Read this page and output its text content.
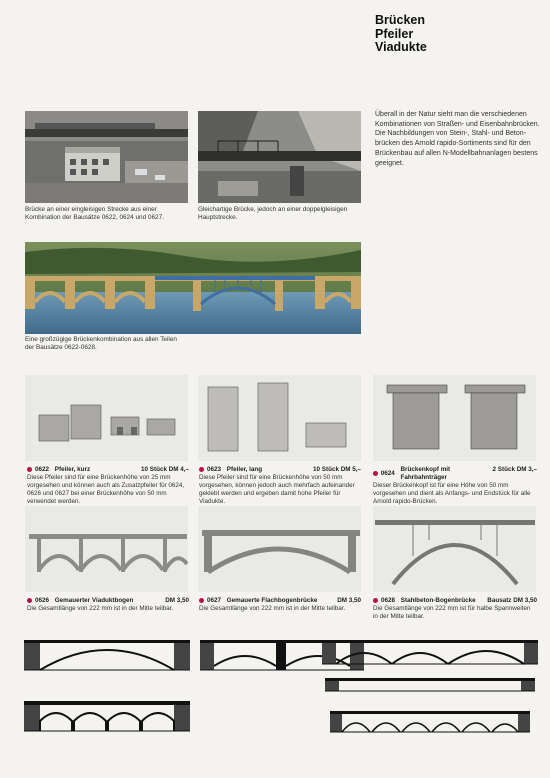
Brücken
Pfeiler
Viadukte
Überall in der Natur sieht man die verschiedenen Kombinationen von Straßen- und Eisenbahnbrücken. Die Nachbildungen von Stein-, Stahl- und Betonbrücken des Arnold rapido-Sortiments sind für den Brückenbau auf allen N-Modellbahnanlagen bestens geeignet.
Brücke an einer eingleisigen Strecke aus einer Kombination der Bausätze 0622, 0624 und 0627.
Gleichartige Brücke, jedoch an einer doppelgleisigen Hauptstrecke.
Eine großzügige Brückenkombination aus allen Teilen der Bausätze 0622-0628.
0622
Pfeiler, kurz	10 Stück DM 4,–
Diese Pfeiler sind für eine Brückenhöhe von 25 mm vorgesehen und können auch als Zusatzpfeiler für 0624, 0626 und 0627 bei einer Brückenhöhe von 50 mm verwendet werden.
0623
Pfeiler, lang	10 Stück DM 5,–
Diese Pfeiler sind für eine Brückenhöhe von 50 mm vorgesehen, können jedoch auch mehrfach aufeinander geklebt werden und ergeben damit hohe Pfeiler für Viadukte.
0624

Brückenkopf mit Fahrbahnträger
2 Stück DM 3,–
Dieser Brückenkopf ist für eine Höhe von 50 mm vorgesehen und dient als Anfangs- und Endstück für alle Arnold rapido-Brücken.
0626
Gemauerter Viaduktbogen	DM 3,50
Die Gesamtlänge von 222 mm ist in der Mitte teilbar.
0627
Gemauerte Flachbogenbrücke	DM 3,50
Die Gesamtlänge von 222 mm ist in der Mitte teilbar.
0628
Stahlbeton-Bogenbrücke Bausatz DM 3,50
Die Gesamtlänge von 222 mm ist für halbe Spannweiten in der Mitte teilbar.
